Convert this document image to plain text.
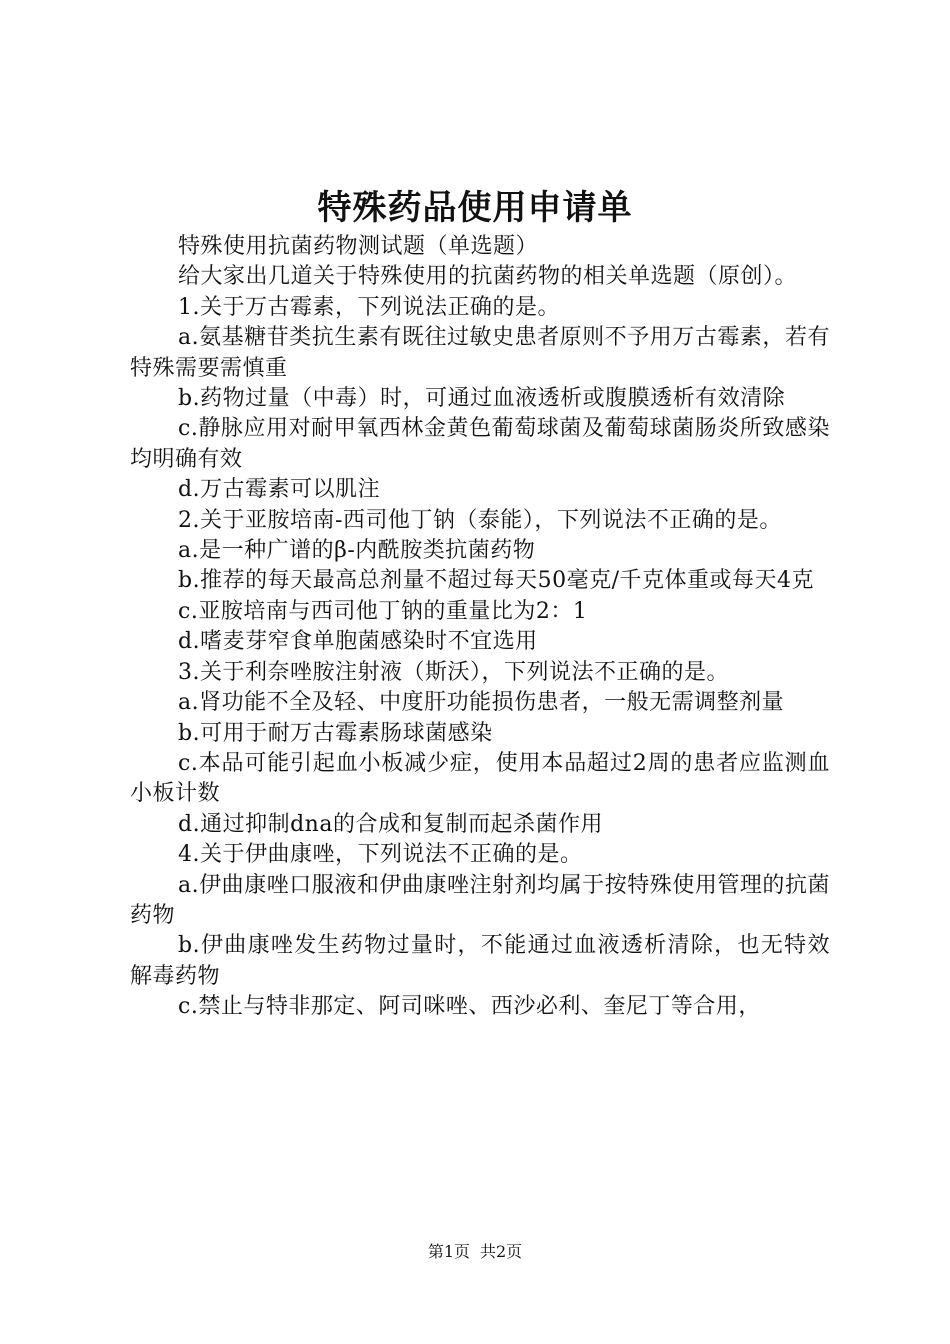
特殊药品使用申请单

特殊使用抗菌药物测试题（单选题）

给大家出几道关于特殊使用的抗菌药物的相关单选题（原创）。

1.关于万古霉素，下列说法正确的是。

a.氨基糖苷类抗生素有既往过敏史患者原则不予用万古霉素，若有特殊需要需慎重

b.药物过量（中毒）时，可通过血液透析或腹膜透析有效清除

c.静脉应用对耐甲氧西林金黄色葡萄球菌及葡萄球菌肠炎所致感染均明确有效

d.万古霉素可以肌注

2.关于亚胺培南-西司他丁钠（泰能），下列说法不正确的是。

a.是一种广谱的β-内酰胺类抗菌药物

b.推荐的每天最高总剂量不超过每天50毫克/千克体重或每天4克

c.亚胺培南与西司他丁钠的重量比为2：1

d.嗜麦芽窄食单胞菌感染时不宜选用

3.关于利奈唑胺注射液（斯沃），下列说法不正确的是。

a.肾功能不全及轻、中度肝功能损伤患者，一般无需调整剂量

b.可用于耐万古霉素肠球菌感染

c.本品可能引起血小板减少症，使用本品超过2周的患者应监测血小板计数

d.通过抑制dna的合成和复制而起杀菌作用

4.关于伊曲康唑，下列说法不正确的是。

a.伊曲康唑口服液和伊曲康唑注射剂均属于按特殊使用管理的抗菌药物

b.伊曲康唑发生药物过量时，不能通过血液透析清除，也无特效解毒药物

c.禁止与特非那定、阿司咪唑、西沙必利、奎尼丁等合用，

第1页 共2页
